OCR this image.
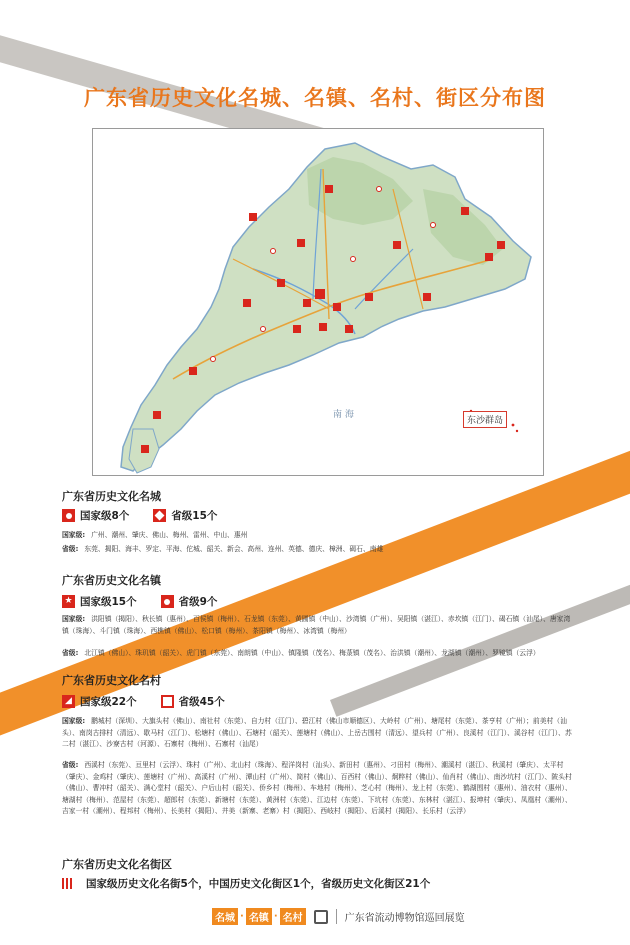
广东省历史文化名城、名镇、名村、街区分布图
南 海
东沙群岛
广东省历史文化名城
国家级8个	省级15个
国家级: 广州、潮州、肇庆、佛山、梅州、雷州、中山、惠州
省级: 东莞、揭阳、海丰、罗定、平海、佗城、韶关、新会、高州、连州、英德、德庆、樟洲、碣石、南雄
广东省历史文化名镇
★ 国家级15个	省级9个
国家级: 洪阳镇（揭阳）、秋长镇（惠州）、百侯镇（梅州）、石龙镇（东莞）、黄圃镇（中山）、沙湾镇（广州）、吴阳镇（湛江）、赤坎镇（江门）、碣石镇（汕尾）、唐家湾镇（珠海）、斗门镇（珠海）、西樵镇（佛山）、松口镇（梅州）、茶阳镇（梅州）、冰湾镇（梅州）
省级: 北江镇（佛山）、珠玑镇（韶关）、虎门镇（东莞）、南朗镇（中山）、镇隆镇（茂名）、梅菉镇（茂名）、治洪镇（潮州）、龙湖镇（潮州）、罗镜镇（云浮）
广东省历史文化名村
◢ 国家级22个	省级45个
国家级: 鹏城村（深圳）、大旗头村（佛山）、南社村（东莞）、自力村（江门）、碧江村（佛山市顺德区）、大岭村（广州）、塘尾村（东莞）、茶亨村（广州）；前美村（汕头）、南岗古排村（清远）、歇马村（江门）、松塘村（佛山）、石塘村（韶关）、莲塘村（佛山）、上岳古围村（清远）、望兵村（广州）、良溪村（江门）、溪谷村（江门）、苏二村（湛江）、沙寮古村（河源）、石寨村（梅州）、石寨村（汕尾）
省级: 西溪村（东莞）、亘里村（云浮）、珠村（广州）、北山村（珠海）、程洋岗村（汕头）、新田村（惠州）、刁田村（梅州）、潮溪村（湛江）、秋溪村（肇庆）、太平村（肇庆）、金鸡村（肇庆）、莲塘村（广州）、高溪村（广州）、潭山村（广州）、简村（佛山）、百西村（佛山）、炯粹村（佛山）、仙肖村（佛山）、南沙坑村（江门）、陂头村（佛山）、曹冲村（韶关）、满心堂村（韶关）、户后山村（韶关）、侨乡村（梅州）、车地村（梅州）、芝心村（梅州）、龙上村（东莞）、鹤湖围村（惠州）、油衣村（惠州）、塘湖村（梅州）、范屋村（东莞）、超郎村（东莞）、新塘村（东莞）、黄洲村（东莞）、江边村（东莞）、下坑村（东莞）、东林村（湛江）、报坤村（肇庆）、凤凰村（潮州）、吉家一村（潮州）、程邦村（梅州）、长美村（揭阳）、井美（新寨、老寨）村（揭阳）、西岐村（揭阳）、后溪村（揭阳）、长乐村（云浮）
广东省历史文化名街区
国家级历史文化名街5个，中国历史文化街区1个，省级历史文化街区21个
名城 · 名镇 · 名村	广东省流动博物馆巡回展览
